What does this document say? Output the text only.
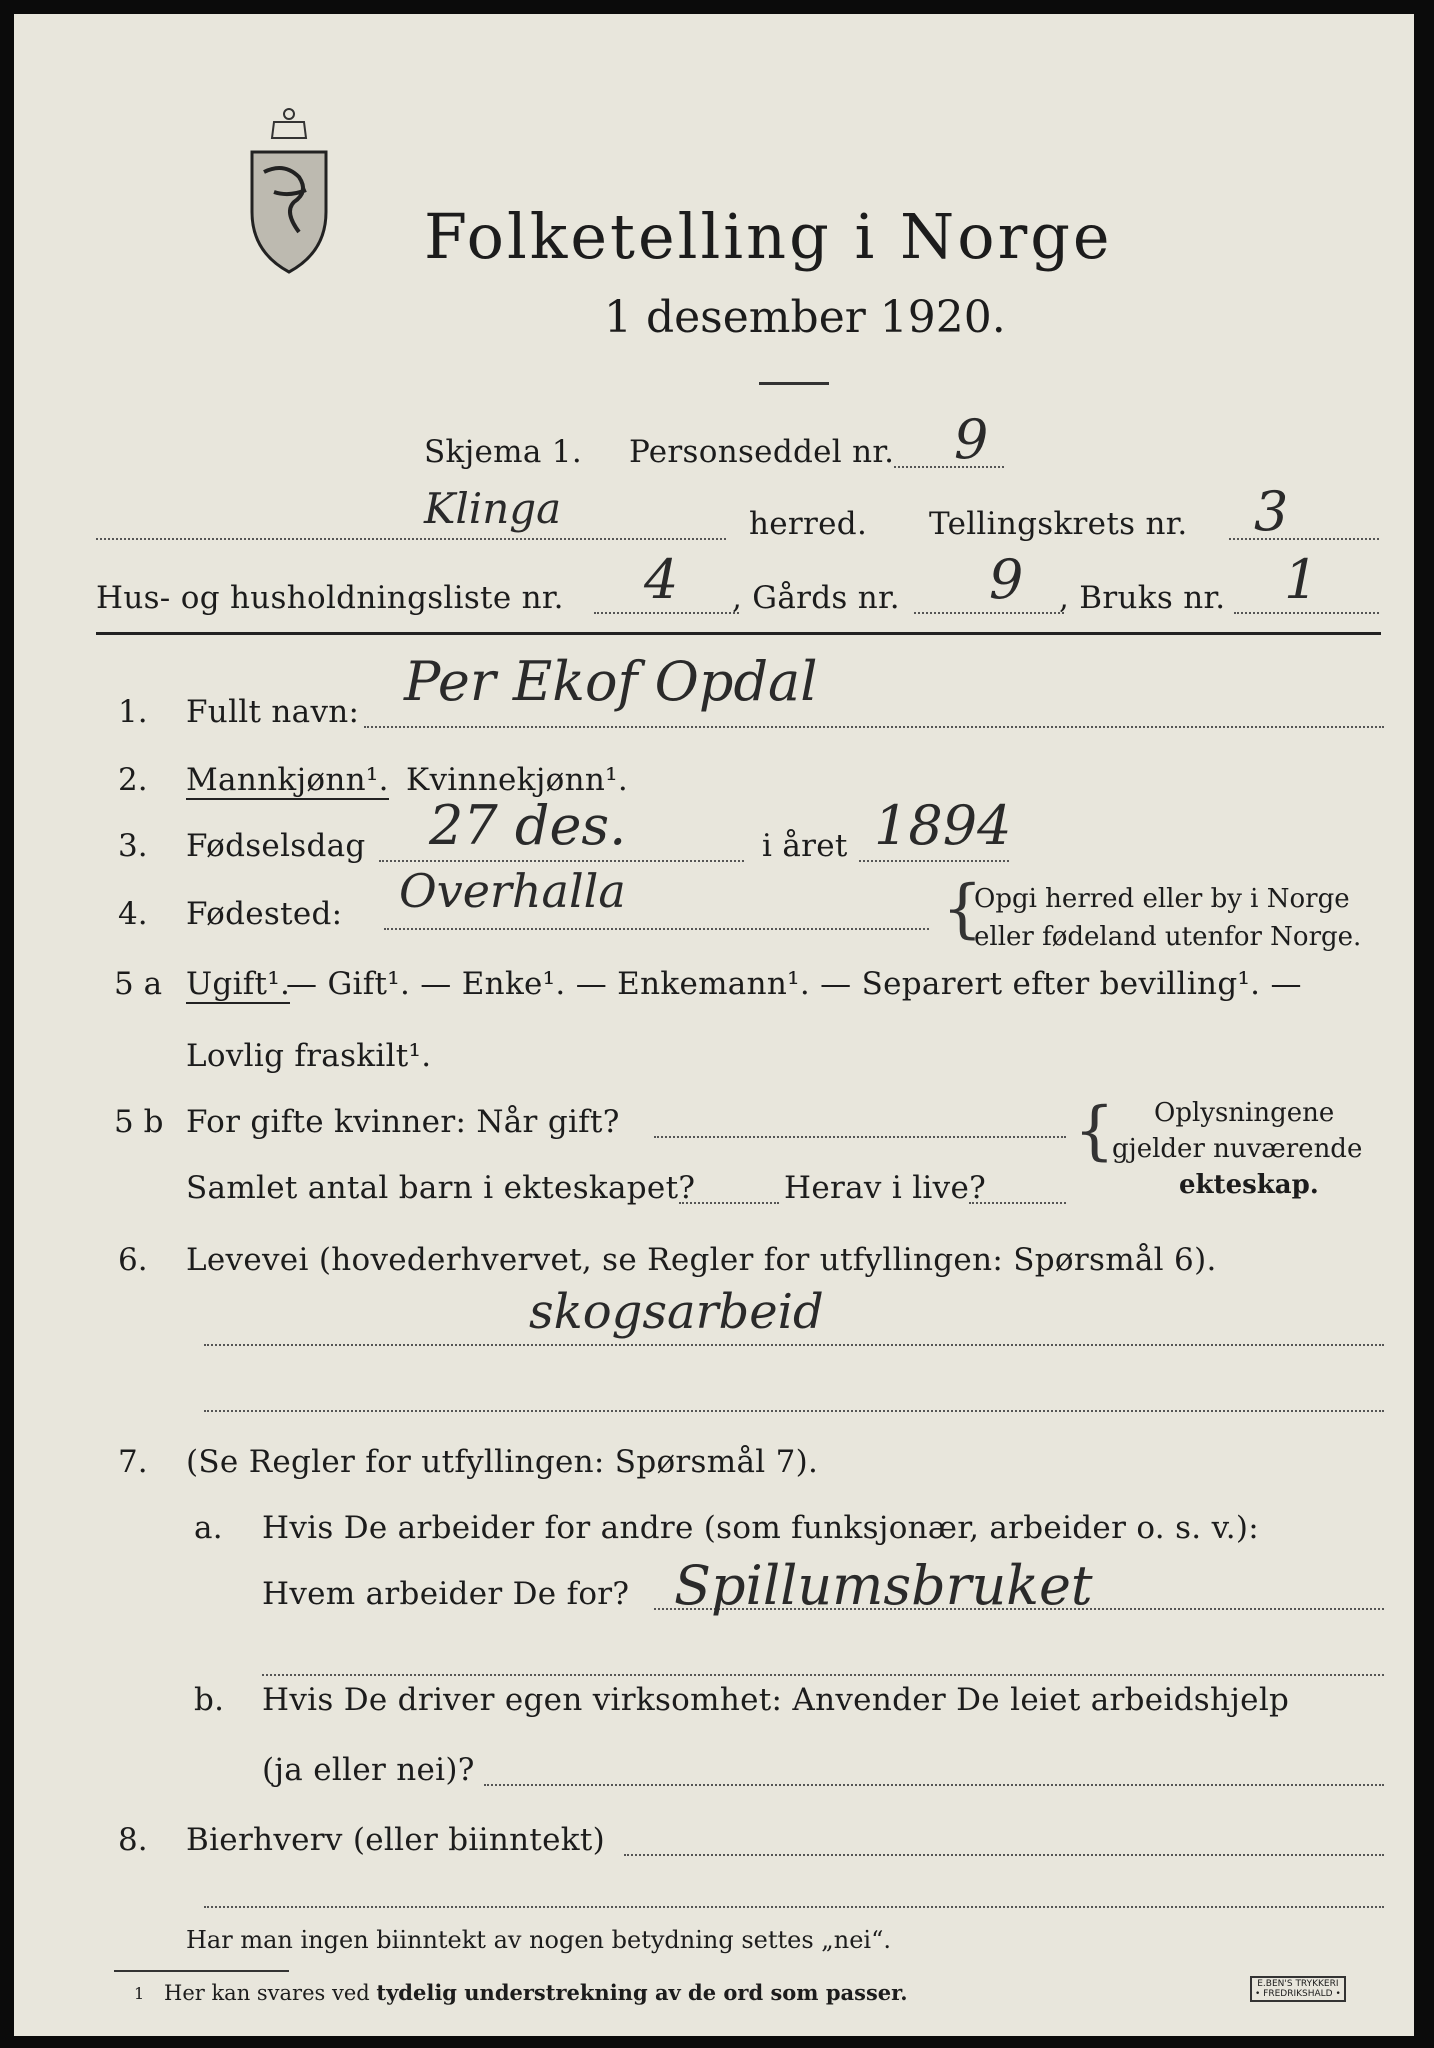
Folketelling i Norge
1 desember 1920.
Skjema 1. Personseddel nr. 9
Klinga	herred. Tellingskrets nr. 3
Hus- og husholdningsliste nr. 4 , Gårds nr. 9 , Bruks nr. 1
1. Fullt navn: Per Ekof Opdal
2. Mannkjønn¹. Kvinnekjønn¹.
3. Fødselsdag 27 des.	i året 1894
4. Fødested: Overhalla	{
Opgi herred eller by i Norge
eller fødeland utenfor Norge.
5 a Ugift¹.
— Gift¹. — Enke¹. — Enkemann¹. — Separert efter bevilling¹. —
Lovlig fraskilt¹.
5 b For gifte kvinner: Når gift?
Samlet antal barn i ekteskapet?	Herav i live?
{ Oplysningene
gjelder nuværende
ekteskap.
6. Levevei (hovederhvervet, se Regler for utfyllingen: Spørsmål 6).
skogsarbeid
7. (Se Regler for utfyllingen: Spørsmål 7).
a. Hvis De arbeider for andre (som funksjonær, arbeider o. s. v.):
Hvem arbeider De for? Spillumsbruket
b. Hvis De driver egen virksomhet: Anvender De leiet arbeidshjelp
(ja eller nei)?
8. Bierhverv (eller biinntekt)
Har man ingen biinntekt av nogen betydning settes „nei“.
1 Her kan svares ved tydelig understrekning av de ord som passer.	E.BEN'S TRYKKERI
• FREDRIKSHALD •
